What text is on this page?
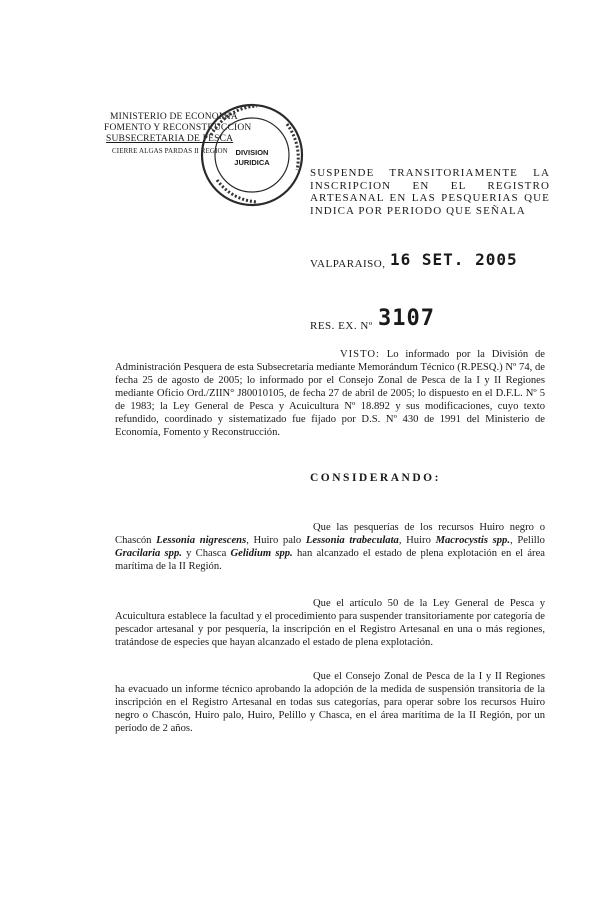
MINISTERIO DE ECONOMIA
FOMENTO Y RECONSTRUCCION
SUBSECRETARIA DE PESCA
CIERRE ALGAS PARDAS II REGION	DIVISION
JURIDICA
SUSPENDE TRANSITORIAMENTE LA INSCRIPCION EN EL REGISTRO ARTESANAL EN LAS PESQUERIAS QUE INDICA POR PERIODO QUE SEÑALA
VALPARAISO, 16 SET. 2005
RES. EX. Nº 3107

VISTO: Lo informado por la División de Administración Pesquera de esta Subsecretaría mediante Memorándum Técnico (R.PESQ.) Nº 74, de fecha 25 de agosto de 2005; lo informado por el Consejo Zonal de Pesca de la I y II Regiones mediante Oficio Ord./ZIIN° J80010105, de fecha 27 de abril de 2005; lo dispuesto en el D.F.L. Nº 5 de 1983; la Ley General de Pesca y Acuicultura Nº 18.892 y sus modificaciones, cuyo texto refundido, coordinado y sistematizado fue fijado por D.S. Nº 430 de 1991 del Ministerio de Economía, Fomento y Reconstrucción.

CONSIDERANDO:

Que las pesquerías de los recursos Huiro negro o Chascón Lessonia nigrescens, Huiro palo Lessonia trabeculata, Huiro Macrocystis spp., Pelillo Gracilaria spp. y Chasca Gelidium spp. han alcanzado el estado de plena explotación en el área marítima de la II Región.

Que el artículo 50 de la Ley General de Pesca y Acuicultura establece la facultad y el procedimiento para suspender transitoriamente por categoría de pescador artesanal y por pesquería, la inscripción en el Registro Artesanal en una o más regiones, tratándose de especies que hayan alcanzado el estado de plena explotación.

Que el Consejo Zonal de Pesca de la I y II Regiones ha evacuado un informe técnico aprobando la adopción de la medida de suspensión transitoria de la inscripción en el Registro Artesanal en todas sus categorías, para operar sobre los recursos Huiro negro o Chascón, Huiro palo, Huiro, Pelillo y Chasca, en el área marítima de la II Región, por un período de 2 años.
